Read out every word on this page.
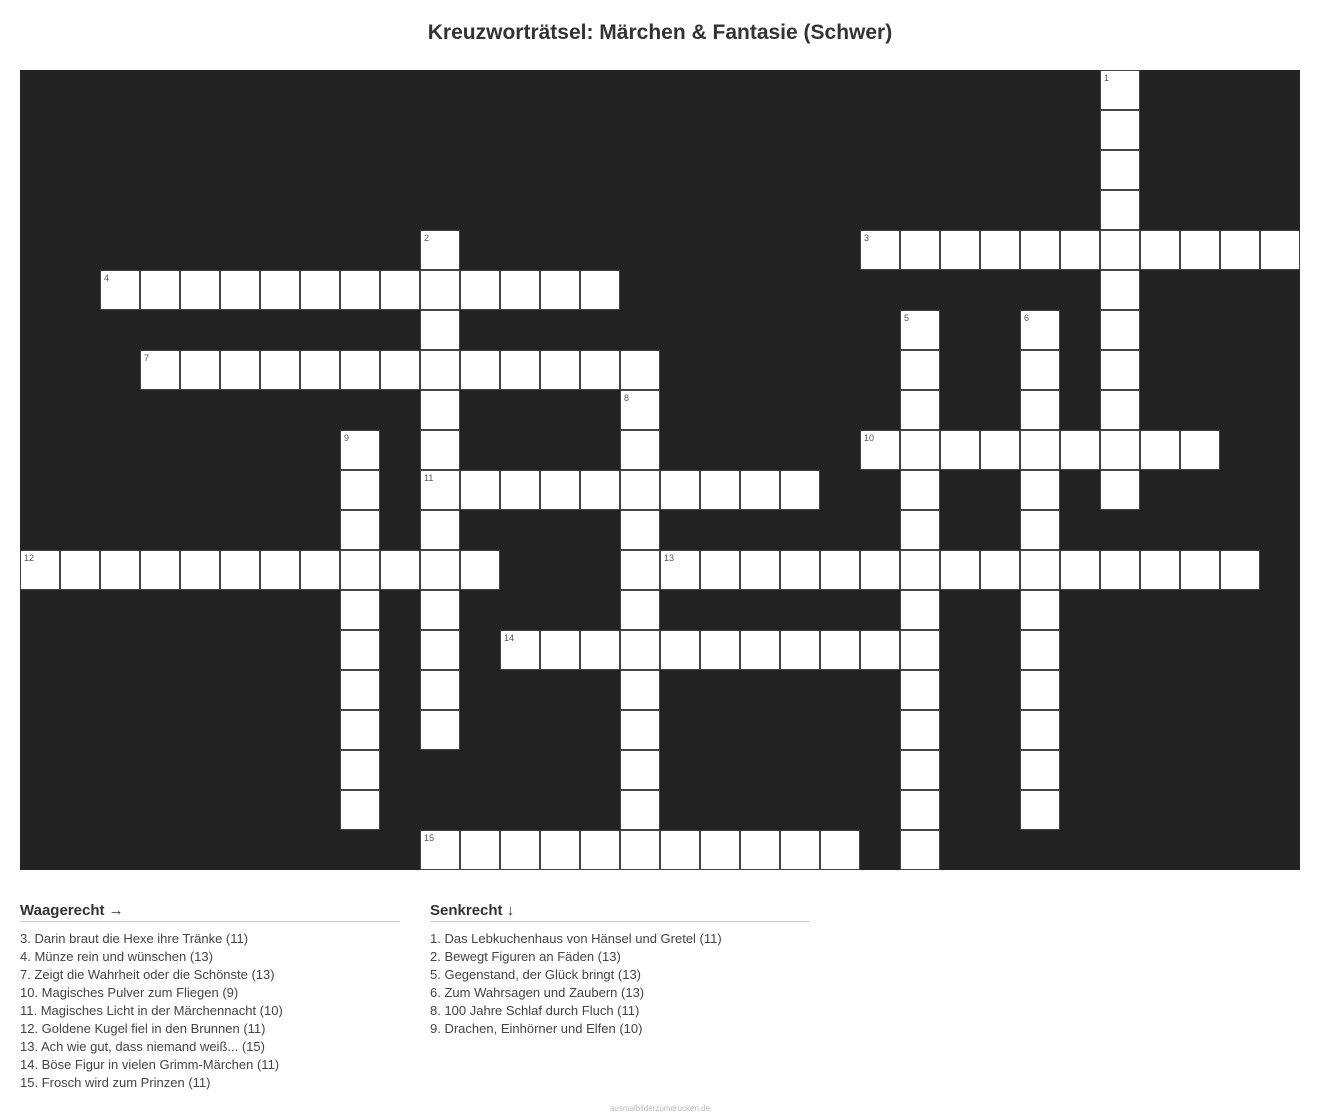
Kreuzworträtsel: Märchen & Fantasie (Schwer)
1
2
11
3
4
5	6
7
8
9	10
12	13
14
15
Waagerecht →
3. Darin braut die Hexe ihre Tränke (11)
4. Münze rein und wünschen (13)
7. Zeigt die Wahrheit oder die Schönste (13)
10. Magisches Pulver zum Fliegen (9)
11. Magisches Licht in der Märchennacht (10)
12. Goldene Kugel fiel in den Brunnen (11)
13. Ach wie gut, dass niemand weiß... (15)
14. Böse Figur in vielen Grimm-Märchen (11)
15. Frosch wird zum Prinzen (11)
Senkrecht ↓
1. Das Lebkuchenhaus von Hänsel und Gretel (11)
2. Bewegt Figuren an Fäden (13)
5. Gegenstand, der Glück bringt (13)
6. Zum Wahrsagen und Zaubern (13)
8. 100 Jahre Schlaf durch Fluch (11)
9. Drachen, Einhörner und Elfen (10)
ausmalbilderzumdrucken.de
